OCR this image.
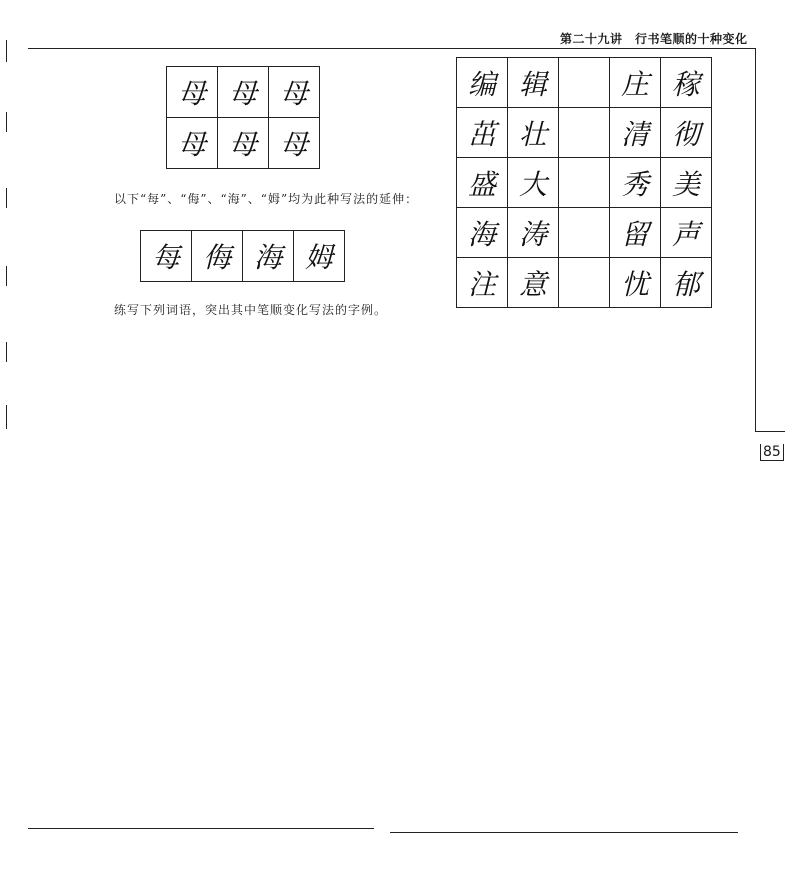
第二十九讲　行书笔顺的十种变化
母	母	母
母	母	母
以下“每”、“侮”、“海”、“姆”均为此种写法的延伸：
每	侮	海	姆
练写下列词语，突出其中笔顺变化写法的字例。
编	辑		庄	稼
茁	壮		清	彻
盛	大		秀	美
海	涛		留	声
注	意		忧	郁
85
